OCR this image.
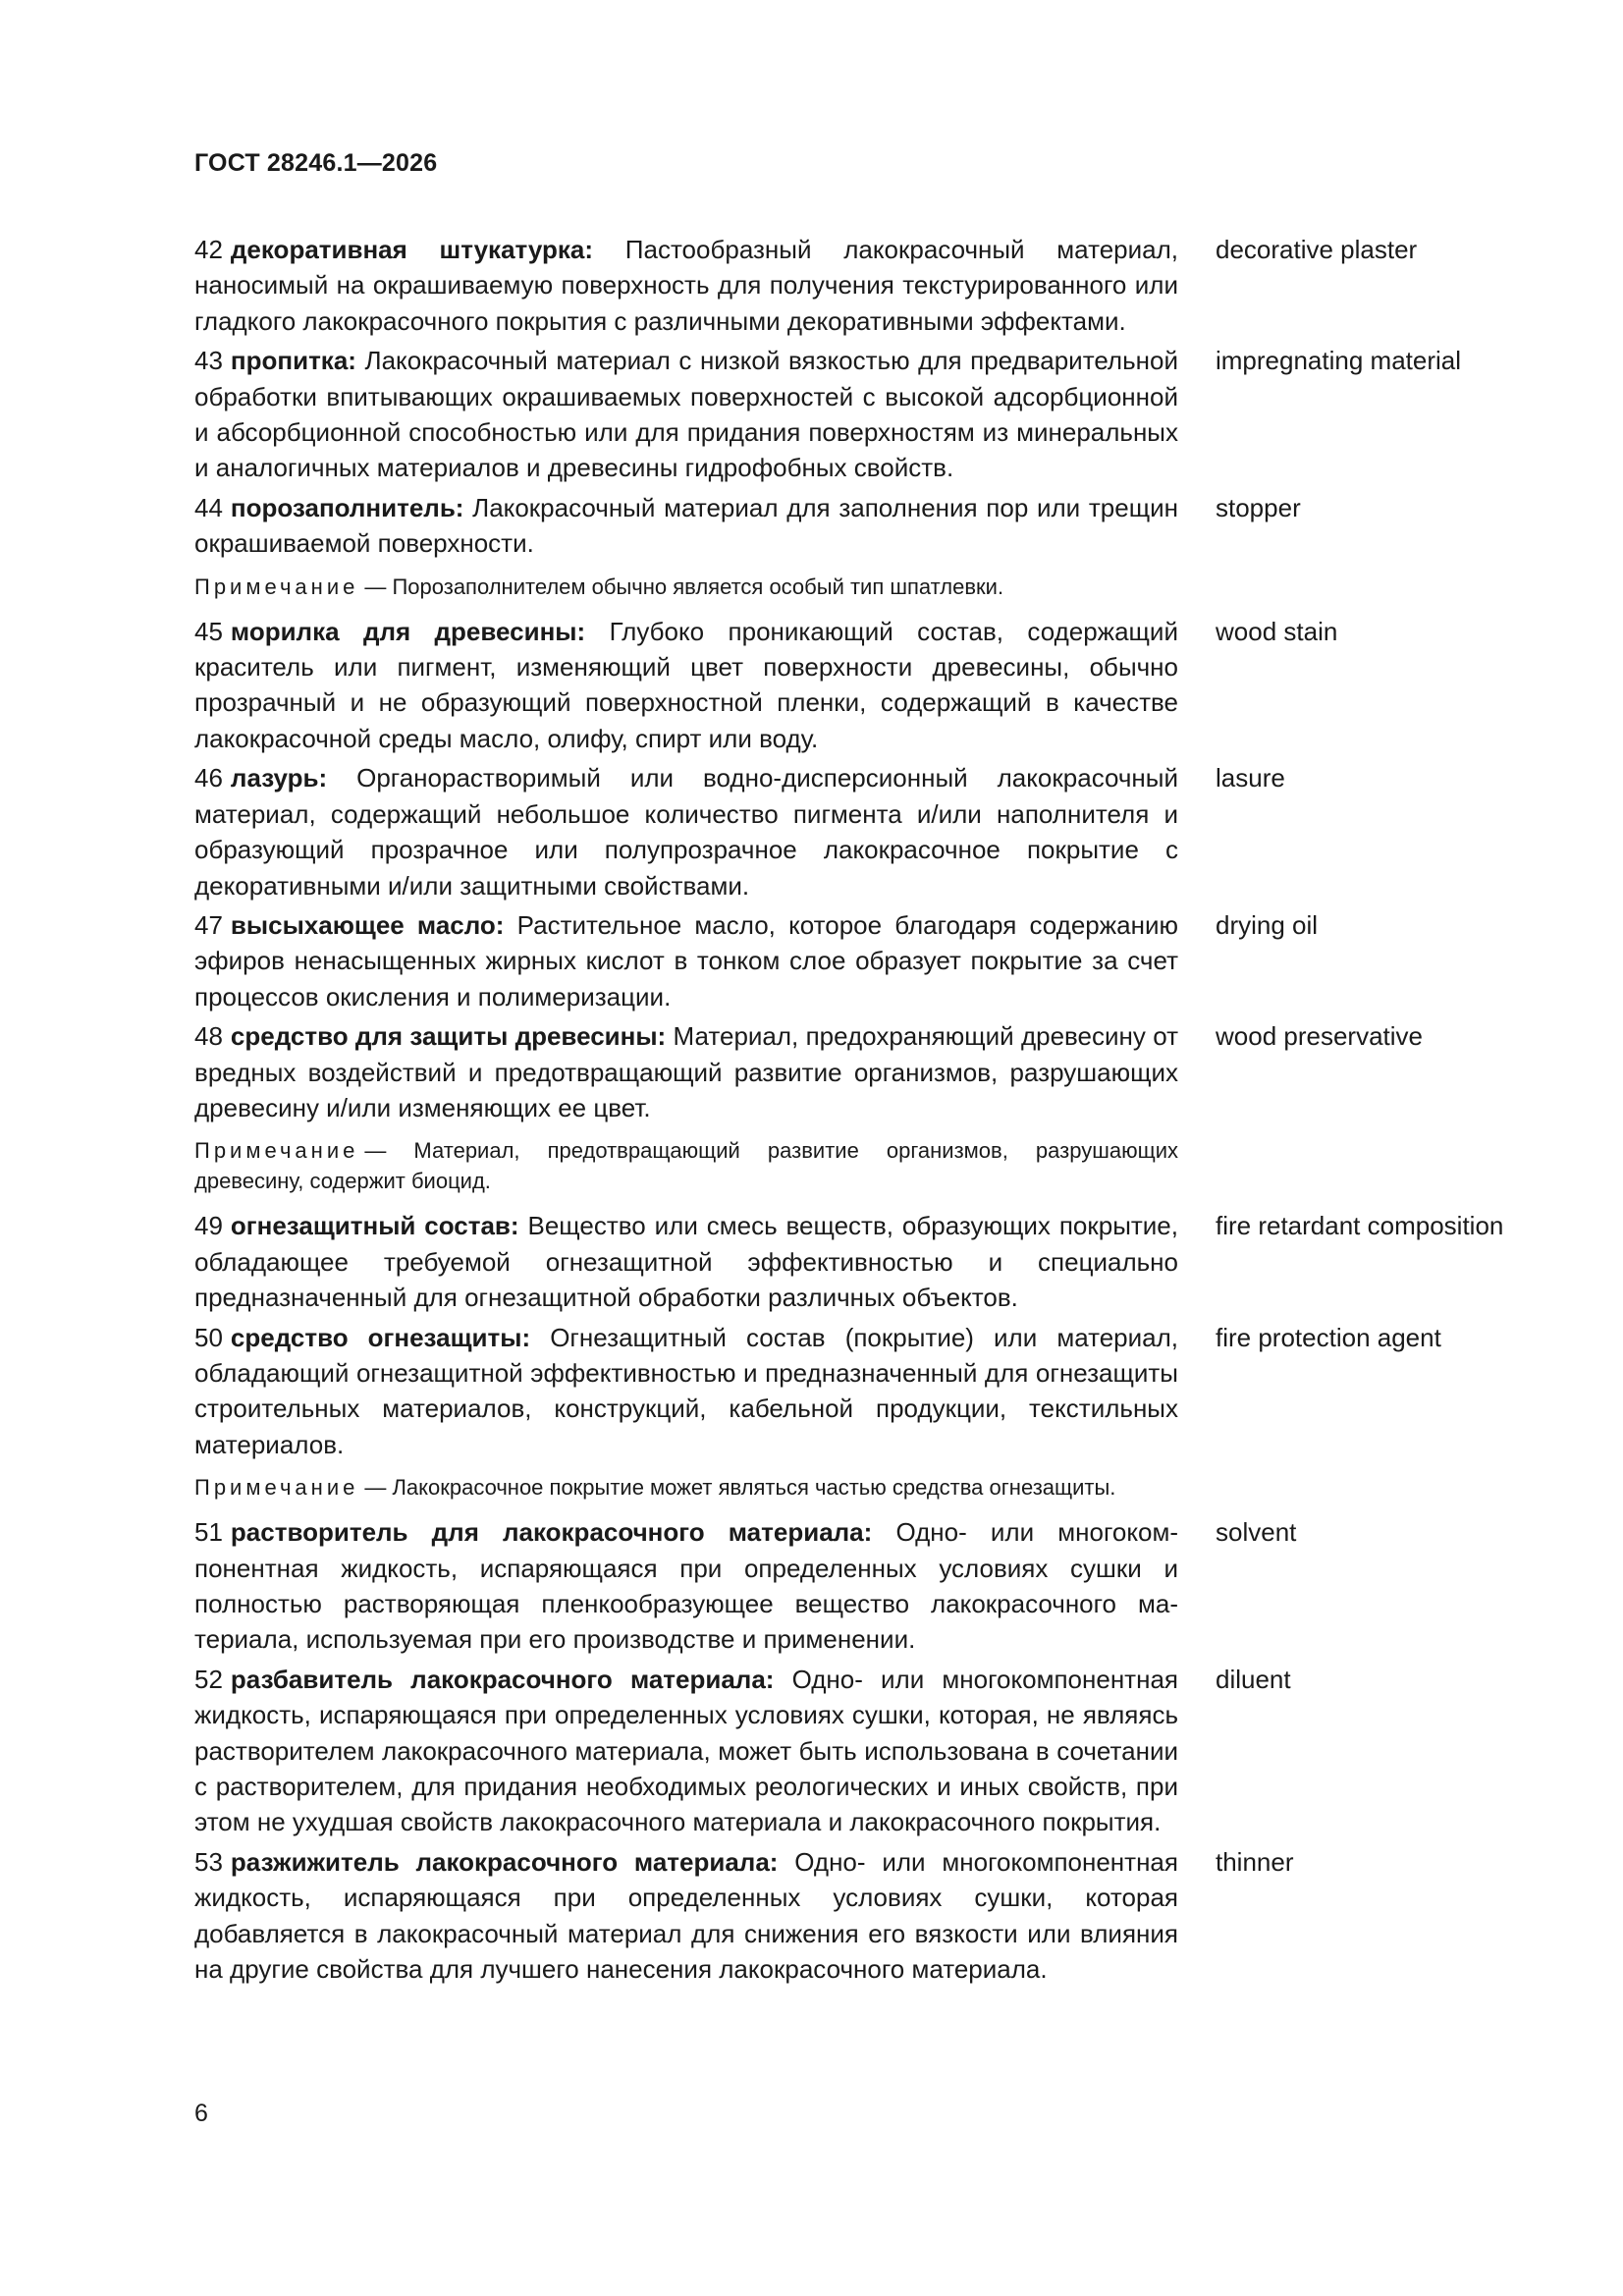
ГОСТ 28246.1—2026
42 декоративная штукатурка: Пастообразный лакокрасочный материал, наносимый на окрашиваемую поверхность для получения текстурированного или гладкого лакокрасочного покрытия с различными декоративными эффектами.
decorative plaster
43 пропитка: Лакокрасочный материал с низкой вязкостью для предварительной обработки впитывающих окрашиваемых поверхностей с высокой адсорбционной и абсорбционной способностью или для придания поверхностям из минеральных и аналогичных материалов и древесины гидрофобных свойств.
impregnating material
44 порозаполнитель: Лакокрасочный материал для заполнения пор или трещин окрашиваемой поверхности.
stopper
Примечание — Порозаполнителем обычно является особый тип шпатлевки.
45 морилка для древесины: Глубоко проникающий состав, содержащий краситель или пигмент, изменяющий цвет поверхности древесины, обычно прозрачный и не образующий поверхностной пленки, содержащий в качестве лакокрасочной среды масло, олифу, спирт или воду.
wood stain
46 лазурь: Органорастворимый или водно-дисперсионный лакокрасочный материал, содержащий небольшое количество пигмента и/или наполнителя и образующий прозрачное или полупрозрачное лакокрасочное покрытие с декоративными и/или защитными свойствами.
lasure
47 высыхающее масло: Растительное масло, которое благодаря содержанию эфиров ненасыщенных жирных кислот в тонком слое образует покрытие за счет процессов окисления и полимеризации.
drying oil
48 средство для защиты древесины: Материал, предохраняющий древесину от вредных воздействий и предотвращающий развитие организмов, разрушающих древесину и/или изменяющих ее цвет.
wood preservative
Примечание — Материал, предотвращающий развитие организмов, разрушающих древесину, содержит биоцид.
49 огнезащитный состав: Вещество или смесь веществ, образующих покрытие, обладающее требуемой огнезащитной эффективностью и специально предназначенный для огнезащитной обработки различных объектов.
fire retardant composition
50 средство огнезащиты: Огнезащитный состав (покрытие) или материал, обладающий огнезащитной эффективностью и предназначенный для огнезащиты строительных материалов, конструкций, кабельной продукции, текстильных материалов.
fire protection agent
Примечание — Лакокрасочное покрытие может являться частью средства огнезащиты.
51 растворитель для лакокрасочного материала: Одно- или многокомпонентная жидкость, испаряющаяся при определенных условиях сушки и полностью растворяющая пленкообразующее вещество лакокрасочного материала, используемая при его производстве и применении.
solvent
52 разбавитель лакокрасочного материала: Одно- или многокомпонентная жидкость, испаряющаяся при определенных условиях сушки, которая, не являясь растворителем лакокрасочного материала, может быть использована в сочетании с растворителем, для придания необходимых реологических и иных свойств, при этом не ухудшая свойств лакокрасочного материала и лакокрасочного покрытия.
diluent
53 разжижитель лакокрасочного материала: Одно- или многокомпонентная жидкость, испаряющаяся при определенных условиях сушки, которая добавляется в лакокрасочный материал для снижения его вязкости или влияния на другие свойства для лучшего нанесения лакокрасочного материала.
thinner
6
